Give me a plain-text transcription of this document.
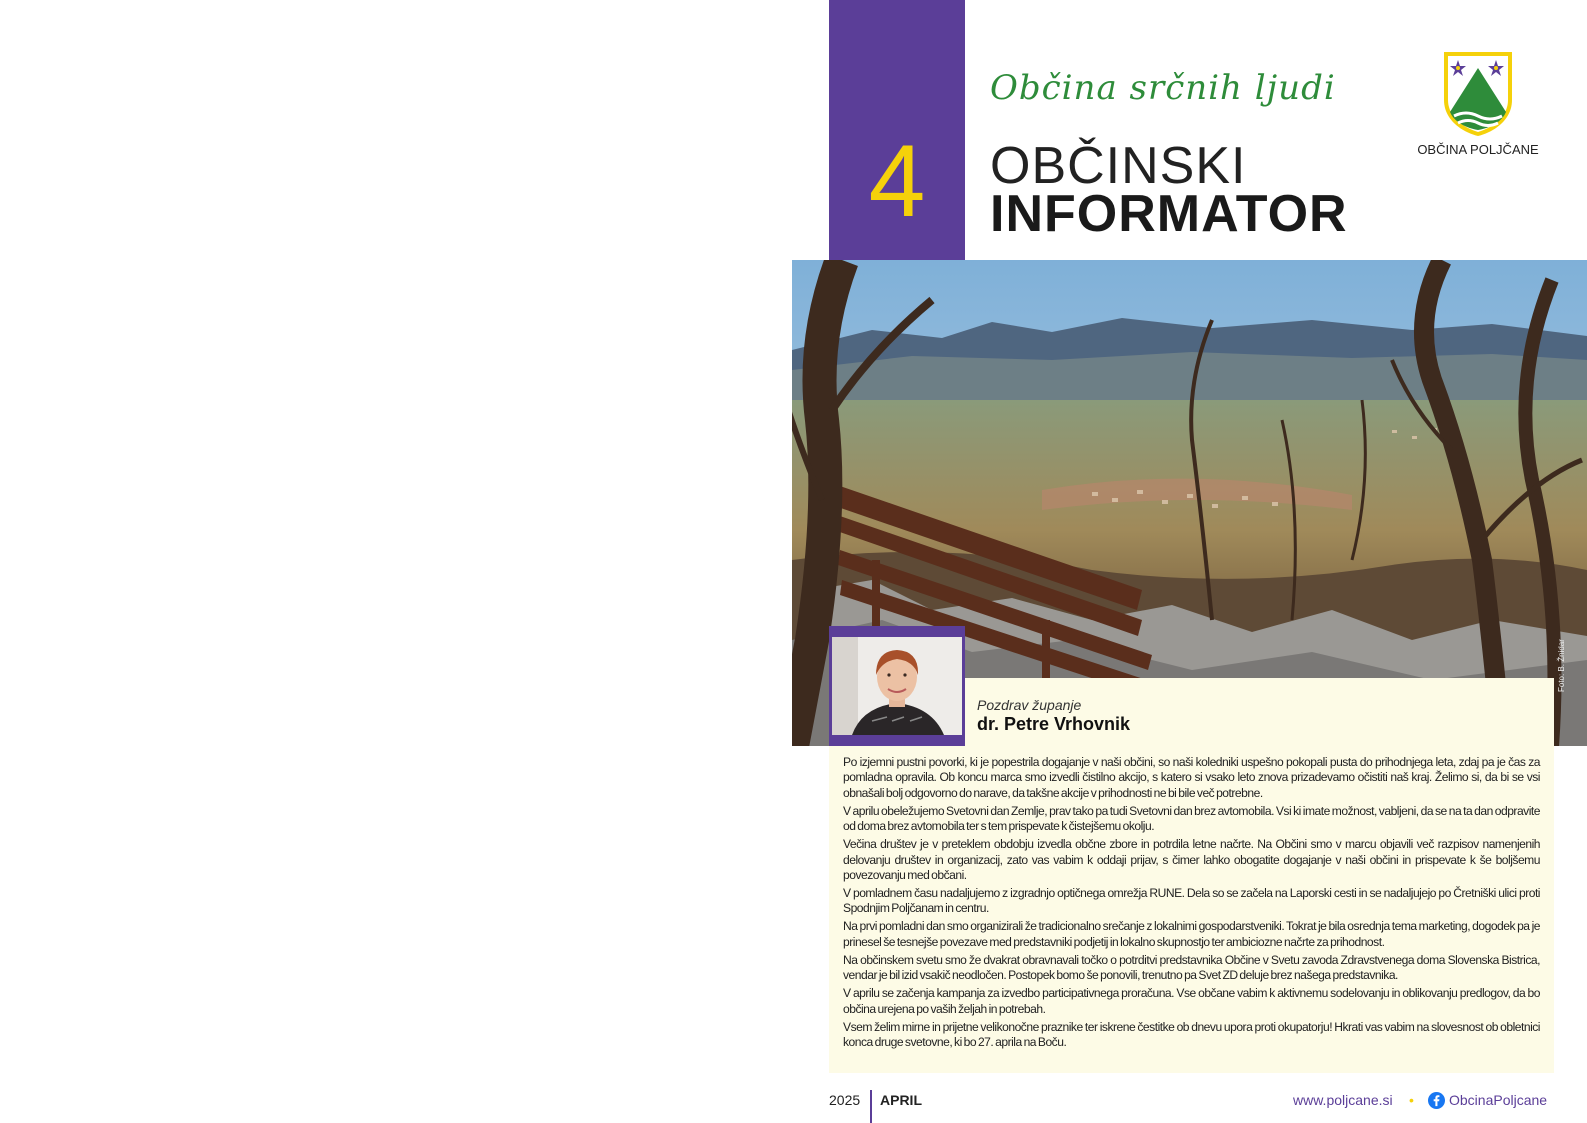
4
Občina srčnih ljudi
OBČINSKI
INFORMATOR
OBČINA POLJČANE
Foto: B. Žnidar
Pozdrav županje
dr. Petre Vrhovnik

Po izjemni pustni povorki, ki je popestrila dogajanje v naši občini, so naši koledniki uspešno pokopali pusta do prihodnjega leta, zdaj pa je čas za pomladna opravila. Ob koncu marca smo izvedli čistilno akcijo, s katero si vsako leto znova prizadevamo očistiti naš kraj. Želimo si, da bi se vsi obnašali bolj odgovorno do narave, da takšne akcije v prihodnosti ne bi bile več potrebne.

V aprilu obeležujemo Svetovni dan Zemlje, prav tako pa tudi Svetovni dan brez avtomobila. Vsi ki imate možnost, vabljeni, da se na ta dan odpravite od doma brez avtomobila ter s tem prispevate k čistejšemu okolju.

Večina društev je v preteklem obdobju izvedla občne zbore in potrdila letne načrte. Na Občini smo v marcu objavili več razpisov namenjenih delovanju društev in organizacij, zato vas vabim k oddaji prijav, s čimer lahko obogatite dogajanje v naši občini in prispevate k še boljšemu povezovanju med občani.

V pomladnem času nadaljujemo z izgradnjo optičnega omrežja RUNE. Dela so se začela na Laporski cesti in se nadaljujejo po Čretniški ulici proti Spodnjim Poljčanam in centru.

Na prvi pomladni dan smo organizirali že tradicionalno srečanje z lokalnimi gospodarstveniki. Tokrat je bila osrednja tema marketing, dogodek pa je prinesel še tesnejše povezave med predstavniki podjetij in lokalno skupnostjo ter ambiciozne načrte za prihodnost.

Na občinskem svetu smo že dvakrat obravnavali točko o potrditvi predstavnika Občine v Svetu zavoda Zdravstvenega doma Slovenska Bistrica, vendar je bil izid vsakič neodločen. Postopek bomo še ponovili, trenutno pa Svet ZD deluje brez našega predstavnika.

V aprilu se začenja kampanja za izvedbo participativnega proračuna. Vse občane vabim k aktivnemu sodelovanju in oblikovanju predlogov, da bo občina urejena po vaših željah in potrebah.

Vsem želim mirne in prijetne velikonočne praznike ter iskrene čestitke ob dnevu upora proti okupatorju! Hkrati vas vabim na slovesnost ob obletnici konca druge svetovne, ki bo 27. aprila na Boču.

2025 APRIL	www.poljcane.si •	ObcinaPoljcane
